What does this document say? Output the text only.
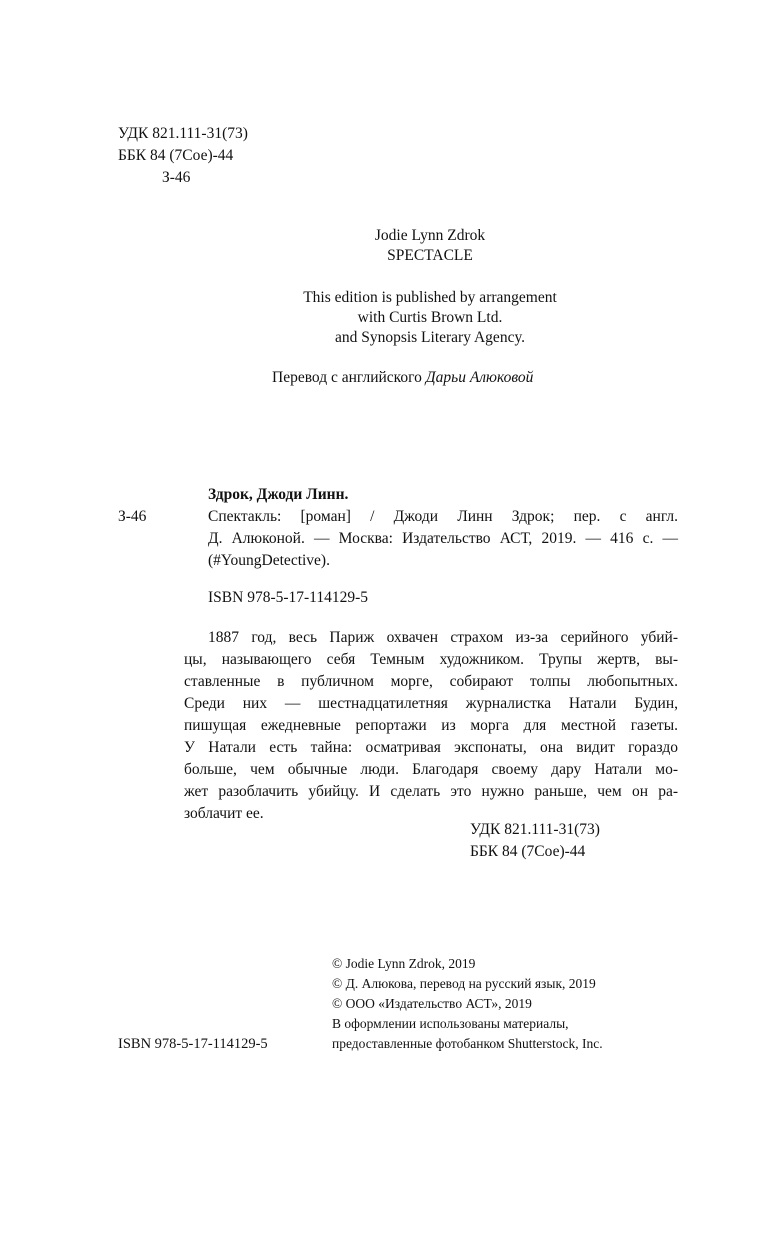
УДК 821.111-31(73)
ББК 84 (7Сое)-44
З-46
Jodie Lynn Zdrok
SPECTACLE
This edition is published by arrangement
with Curtis Brown Ltd.
and Synopsis Literary Agency.
Перевод с английского Дарьи Алюковой
Здрок, Джоди Линн.
З-46	Спектакль: [роман] / Джоди Линн Здрок; пер. с англ.
Д. Алюконой. — Москва: Издательство АСТ, 2019. — 416 с. —
(#YoungDetective).
ISBN 978-5-17-114129-5
1887 год, весь Париж охвачен страхом из-за серийного убий-
цы, называющего себя Темным художником. Трупы жертв, вы-
ставленные в публичном морге, собирают толпы любопытных.
Среди них — шестнадцатилетняя журналистка Натали Будин,
пишущая ежедневные репортажи из морга для местной газеты.
У Натали есть тайна: осматривая экспонаты, она видит гораздо
больше, чем обычные люди. Благодаря своему дару Натали мо-
жет разоблачить убийцу. И сделать это нужно раньше, чем он ра-
зоблачит ее.
УДК 821.111-31(73)
ББК 84 (7Сое)-44
© Jodie Lynn Zdrok, 2019
© Д. Алюкова, перевод на русский язык, 2019
© ООО «Издательство АСТ», 2019
В оформлении использованы материалы,
предоставленные фотобанком Shutterstock, Inc.
ISBN 978-5-17-114129-5
